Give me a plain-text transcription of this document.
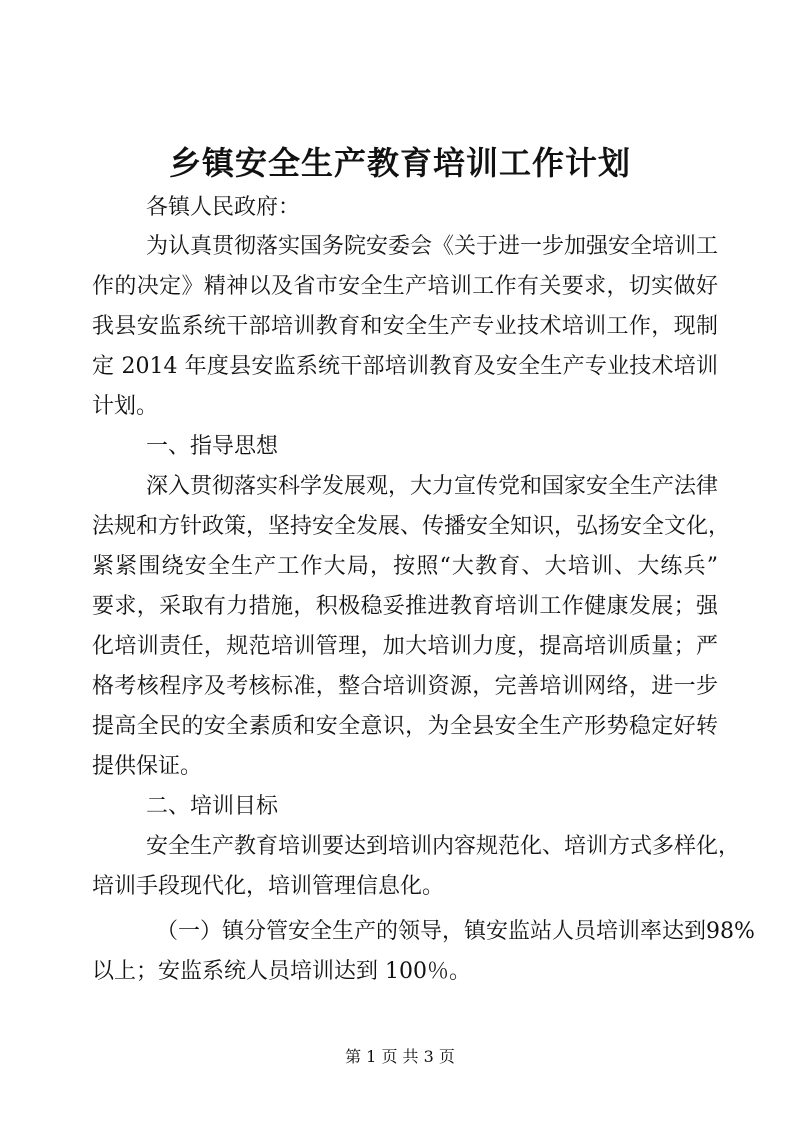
乡镇安全生产教育培训工作计划

各镇人民政府：

为认真贯彻落实国务院安委会《关于进一步加强安全培训工

作的决定》精神以及省市安全生产培训工作有关要求，切实做好

我县安监系统干部培训教育和安全生产专业技术培训工作，现制

定 2014 年度县安监系统干部培训教育及安全生产专业技术培训

计划。

一、指导思想

深入贯彻落实科学发展观，大力宣传党和国家安全生产法律

法规和方针政策，坚持安全发展、传播安全知识，弘扬安全文化，

紧紧围绕安全生产工作大局，按照“大教育、大培训、大练兵”

要求，采取有力措施，积极稳妥推进教育培训工作健康发展；强

化培训责任，规范培训管理，加大培训力度，提高培训质量；严

格考核程序及考核标准，整合培训资源，完善培训网络，进一步

提高全民的安全素质和安全意识，为全县安全生产形势稳定好转

提供保证。

二、培训目标

安全生产教育培训要达到培训内容规范化、培训方式多样化，

培训手段现代化，培训管理信息化。

（一）镇分管安全生产的领导，镇安监站人员培训率达到98%

以上；安监系统人员培训达到 100％。

第 1 页 共 3 页
